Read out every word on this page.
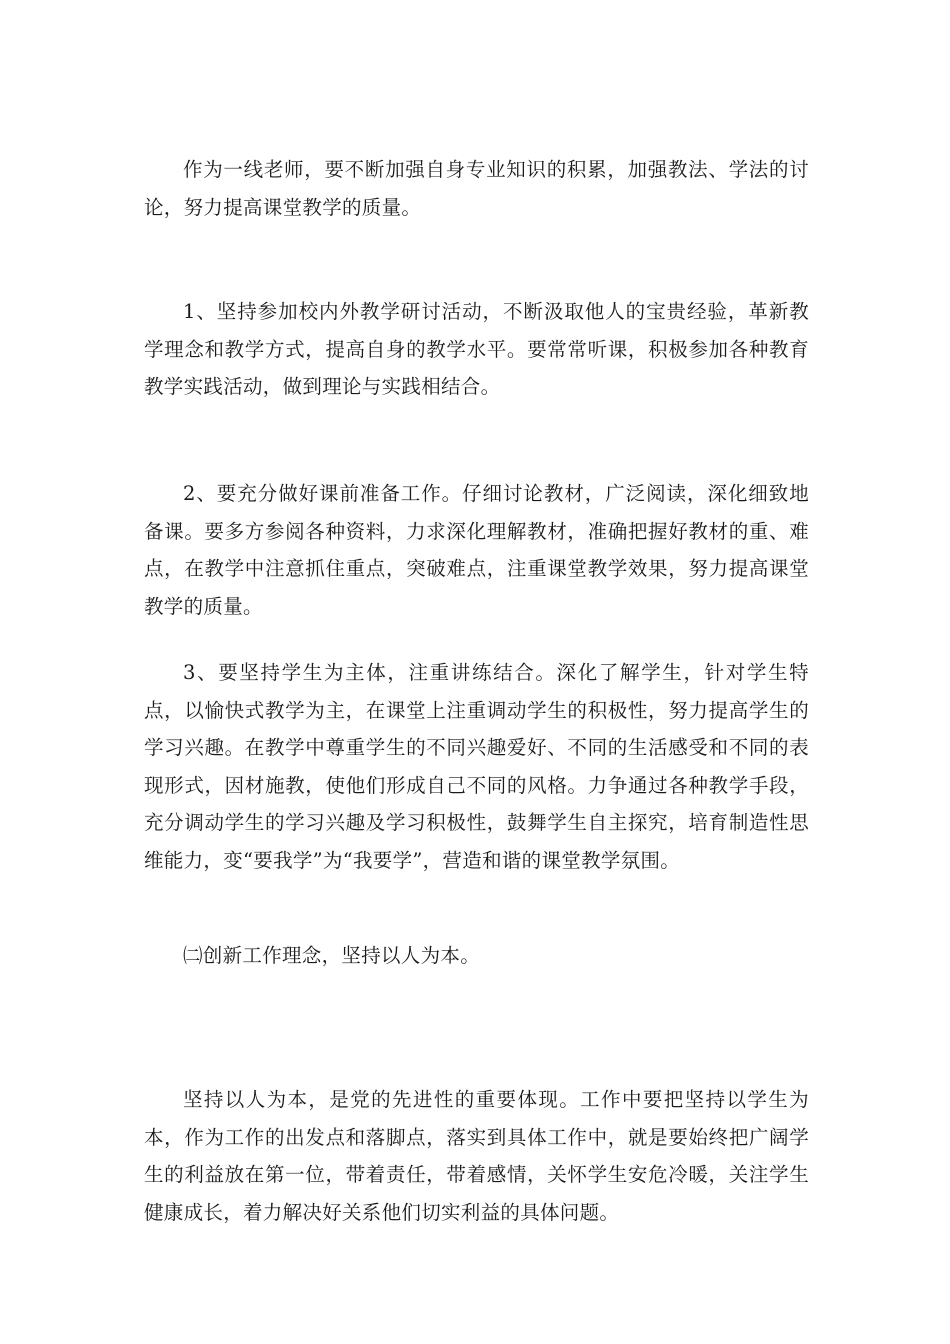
作为一线老师，要不断加强自身专业知识的积累，加强教法、学法的讨论，努力提高课堂教学的质量。

1、坚持参加校内外教学研讨活动，不断汲取他人的宝贵经验，革新教学理念和教学方式，提高自身的教学水平。要常常听课，积极参加各种教育教学实践活动，做到理论与实践相结合。

2、要充分做好课前准备工作。仔细讨论教材，广泛阅读，深化细致地备课。要多方参阅各种资料，力求深化理解教材，准确把握好教材的重、难点，在教学中注意抓住重点，突破难点，注重课堂教学效果，努力提高课堂教学的质量。

3、要坚持学生为主体，注重讲练结合。深化了解学生，针对学生特点，以愉快式教学为主，在课堂上注重调动学生的积极性，努力提高学生的学习兴趣。在教学中尊重学生的不同兴趣爱好、不同的生活感受和不同的表现形式，因材施教，使他们形成自己不同的风格。力争通过各种教学手段，充分调动学生的学习兴趣及学习积极性，鼓舞学生自主探究，培育制造性思维能力，变“要我学”为“我要学”，营造和谐的课堂教学氛围。

㈡创新工作理念，坚持以人为本。

坚持以人为本，是党的先进性的重要体现。工作中要把坚持以学生为本，作为工作的出发点和落脚点，落实到具体工作中，就是要始终把广阔学生的利益放在第一位，带着责任，带着感情，关怀学生安危冷暖，关注学生健康成长，着力解决好关系他们切实利益的具体问题。
